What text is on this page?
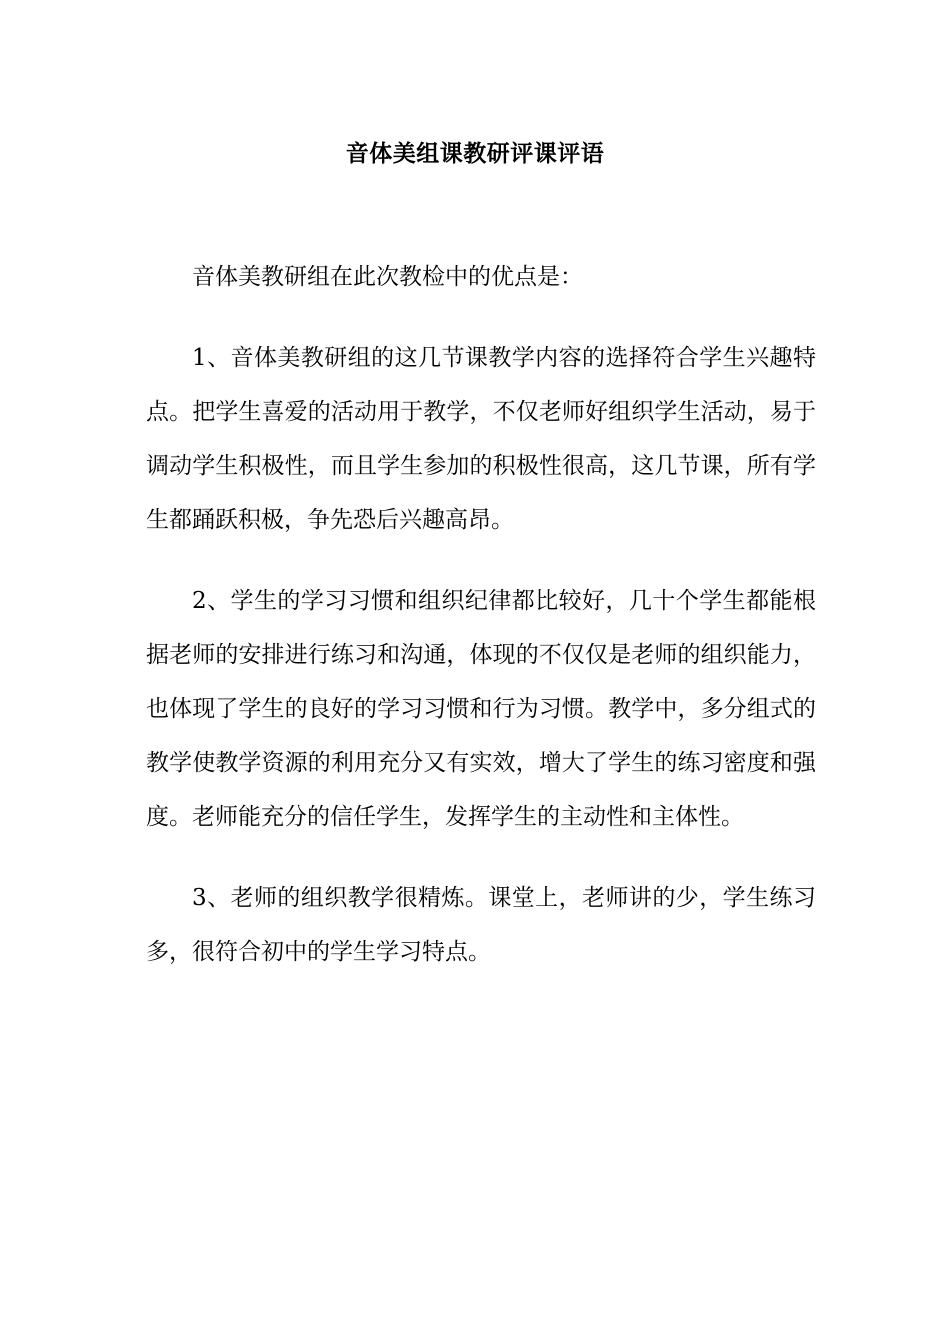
音体美组课教研评课评语

音体美教研组在此次教检中的优点是：

1、音体美教研组的这几节课教学内容的选择符合学生兴趣特点。把学生喜爱的活动用于教学，不仅老师好组织学生活动，易于调动学生积极性，而且学生参加的积极性很高，这几节课，所有学生都踊跃积极，争先恐后兴趣高昂。

2、学生的学习习惯和组织纪律都比较好，几十个学生都能根据老师的安排进行练习和沟通，体现的不仅仅是老师的组织能力，也体现了学生的良好的学习习惯和行为习惯。教学中，多分组式的教学使教学资源的利用充分又有实效，增大了学生的练习密度和强度。老师能充分的信任学生，发挥学生的主动性和主体性。

3、老师的组织教学很精炼。课堂上，老师讲的少，学生练习多，很符合初中的学生学习特点。
